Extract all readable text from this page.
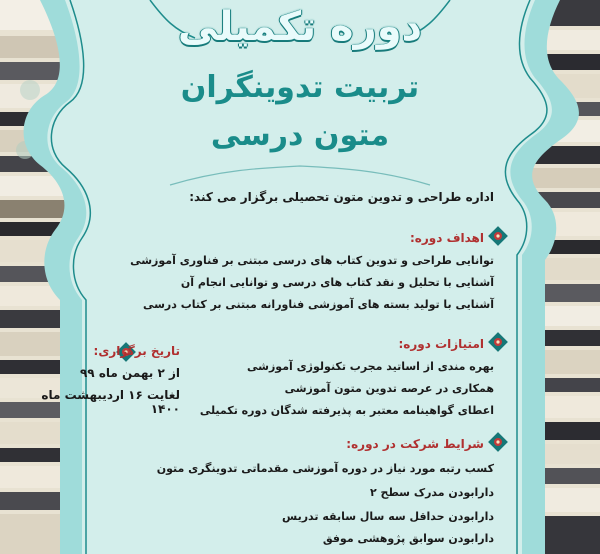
دوره تکمیلی
تربیت تدوینگران
متون درسی
اداره طراحی و تدوین متون تحصیلی برگزار می کند:
اهداف دوره:
توانایی طراحی و تدوین کتاب های درسی مبتنی بر فناوری آموزشی
آشنایی با تحلیل و نقد کتاب های درسی و توانایی انجام آن
آشنایی با تولید بسته های آموزشی فناورانه مبتنی بر کتاب درسی
امتیازات دوره:
بهره مندی از اساتید مجرب تکنولوژی آموزشی
همکاری در عرصه تدوین متون آموزشی
اعطای گواهینامه معتبر به پذیرفته شدگان دوره تکمیلی
شرایط شرکت در دوره:
کسب رتبه مورد نیاز در دوره آموزشی مقدماتی تدوینگری متون
دارابودن مدرک سطح ۲
دارابودن حداقل سه سال سابقه تدریس
دارابودن سوابق پژوهشی موفق
تاریخ برگزاری:
از ۲ بهمن ماه ۹۹
لغایت ۱۶ اردیبهشت ماه ۱۴۰۰
